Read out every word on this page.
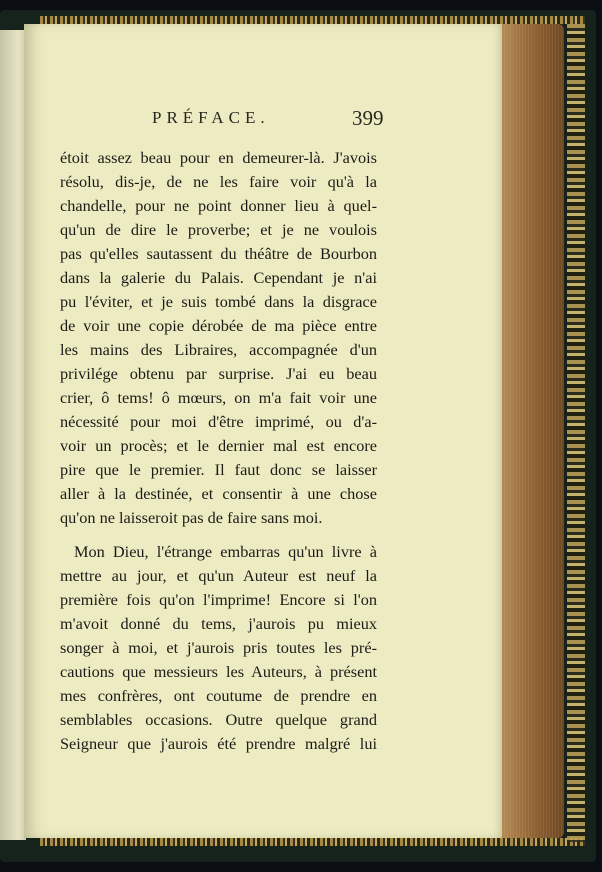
PRÉFACE.	399
étoit assez beau pour en demeurer-là. J'avois
résolu, dis-je, de ne les faire voir qu'à la
chandelle, pour ne point donner lieu à quel-
qu'un de dire le proverbe; et je ne voulois
pas qu'elles sautassent du théâtre de Bourbon
dans la galerie du Palais. Cependant je n'ai
pu l'éviter, et je suis tombé dans la disgrace
de voir une copie dérobée de ma pièce entre
les mains des Libraires, accompagnée d'un
privilége obtenu par surprise. J'ai eu beau
crier, ô tems! ô mœurs, on m'a fait voir une
nécessité pour moi d'être imprimé, ou d'a-
voir un procès; et le dernier mal est encore
pire que le premier. Il faut donc se laisser
aller à la destinée, et consentir à une chose
qu'on ne laisseroit pas de faire sans moi.
Mon Dieu, l'étrange embarras qu'un livre à
mettre au jour, et qu'un Auteur est neuf la
première fois qu'on l'imprime! Encore si l'on
m'avoit donné du tems, j'aurois pu mieux
songer à moi, et j'aurois pris toutes les pré-
cautions que messieurs les Auteurs, à présent
mes confrères, ont coutume de prendre en
semblables occasions. Outre quelque grand
Seigneur que j'aurois été prendre malgré lui
